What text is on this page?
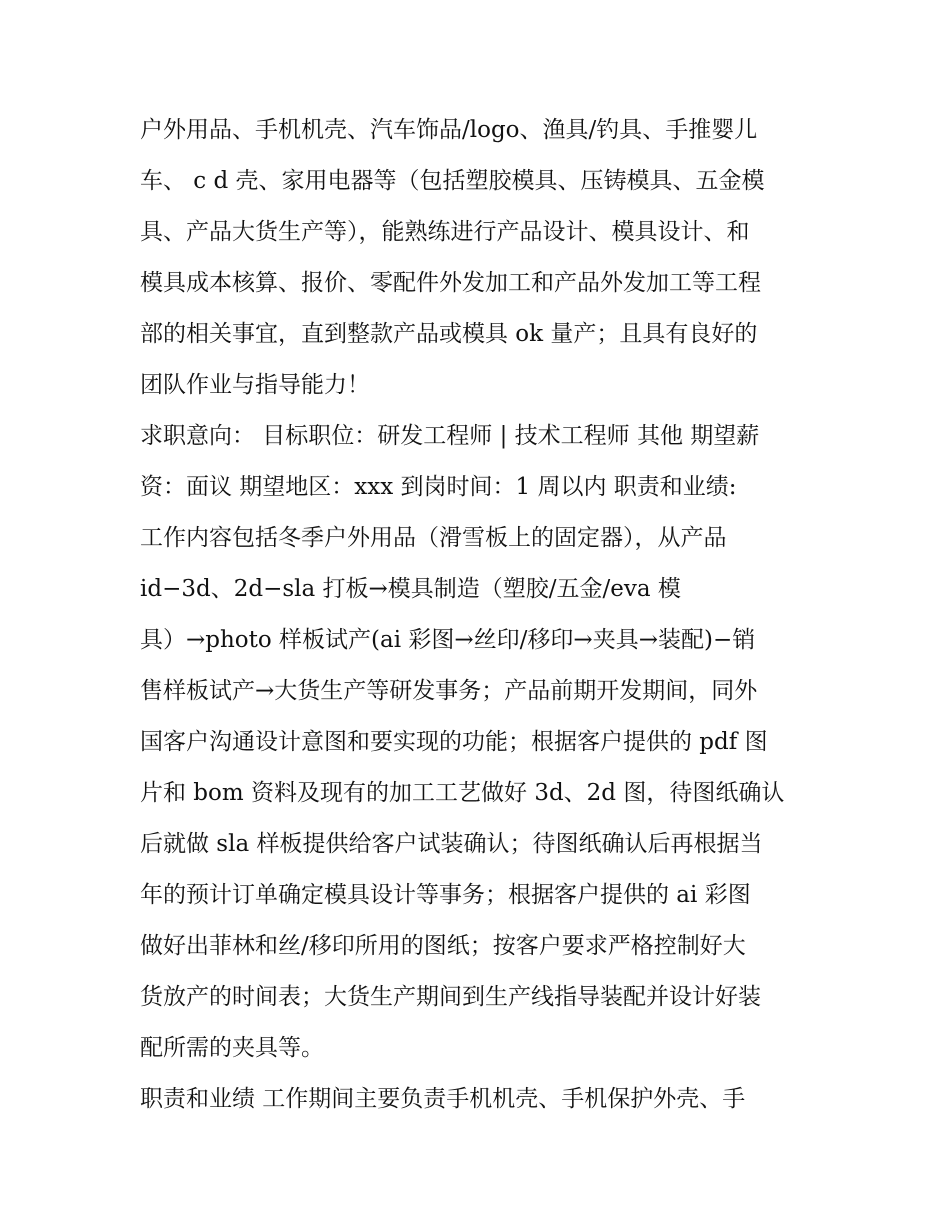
户外用品、手机机壳、汽车饰品/logo、渔具/钓具、手推婴儿
车、 c d 壳、家用电器等（包括塑胶模具、压铸模具、五金模
具、产品大货生产等），能熟练进行产品设计、模具设计、和
模具成本核算、报价、零配件外发加工和产品外发加工等工程
部的相关事宜，直到整款产品或模具 ok 量产；且具有良好的
团队作业与指导能力！
求职意向： 目标职位：研发工程师 | 技术工程师 其他 期望薪
资：面议 期望地区：xxx 到岗时间：1 周以内 职责和业绩:
工作内容包括冬季户外用品（滑雪板上的固定器），从产品
id−3d、2d−sla 打板→模具制造（塑胶/五金/eva 模
具）→photo 样板试产(ai 彩图→丝印/移印→夹具→装配)−销
售样板试产→大货生产等研发事务；产品前期开发期间，同外
国客户沟通设计意图和要实现的功能；根据客户提供的 pdf 图
片和 bom 资料及现有的加工工艺做好 3d、2d 图，待图纸确认
后就做 sla 样板提供给客户试装确认；待图纸确认后再根据当
年的预计订单确定模具设计等事务；根据客户提供的 ai 彩图
做好出菲林和丝/移印所用的图纸；按客户要求严格控制好大
货放产的时间表；大货生产期间到生产线指导装配并设计好装
配所需的夹具等。
职责和业绩 工作期间主要负责手机机壳、手机保护外壳、手
